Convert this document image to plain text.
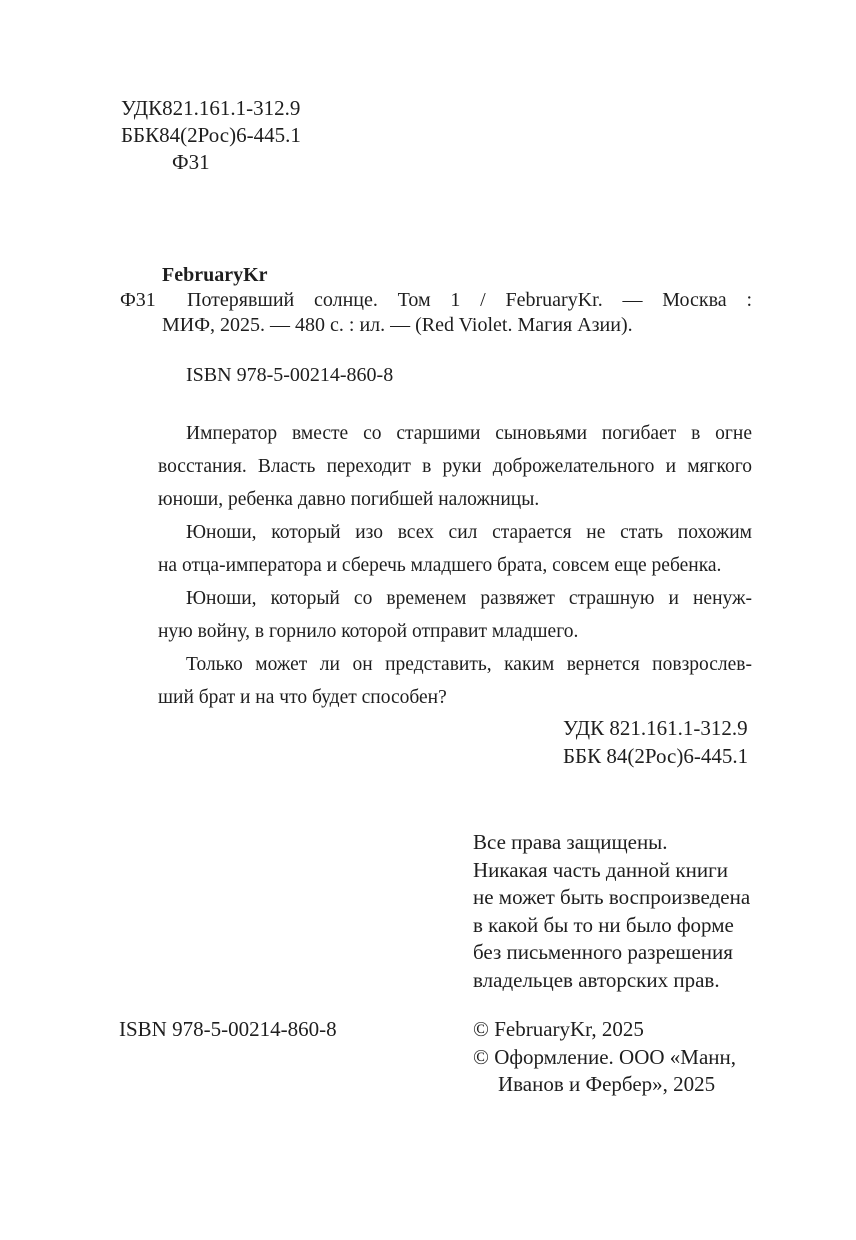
УДК821.161.1-312.9
ББК84(2Рос)6-445.1
Ф31
FebruaryKr
Ф31	Потерявший солнце. Том 1 / FebruaryKr. — Москва :
МИФ, 2025. — 480 с. : ил. — (Red Violet. Магия Азии).
ISBN 978-5-00214-860-8
Император вместе со старшими сыновьями погибает в огне
восстания. Власть переходит в руки доброжелательного и мягкого
юноши, ребенка давно погибшей наложницы.
Юноши, который изо всех сил старается не стать похожим
на отца-императора и сберечь младшего брата, совсем еще ребенка.
Юноши, который со временем развяжет страшную и ненуж-
ную войну, в горнило которой отправит младшего.
Только может ли он представить, каким вернется повзрослев-
ший брат и на что будет способен?
УДК 821.161.1-312.9
ББК 84(2Рос)6-445.1
Все права защищены.
Никакая часть данной книги
не может быть воспроизведена
в какой бы то ни было форме
без письменного разрешения
владельцев авторских прав.
ISBN 978-5-00214-860-8	© FebruaryKr, 2025
© Оформление. ООО «Манн,
Иванов и Фербер», 2025
